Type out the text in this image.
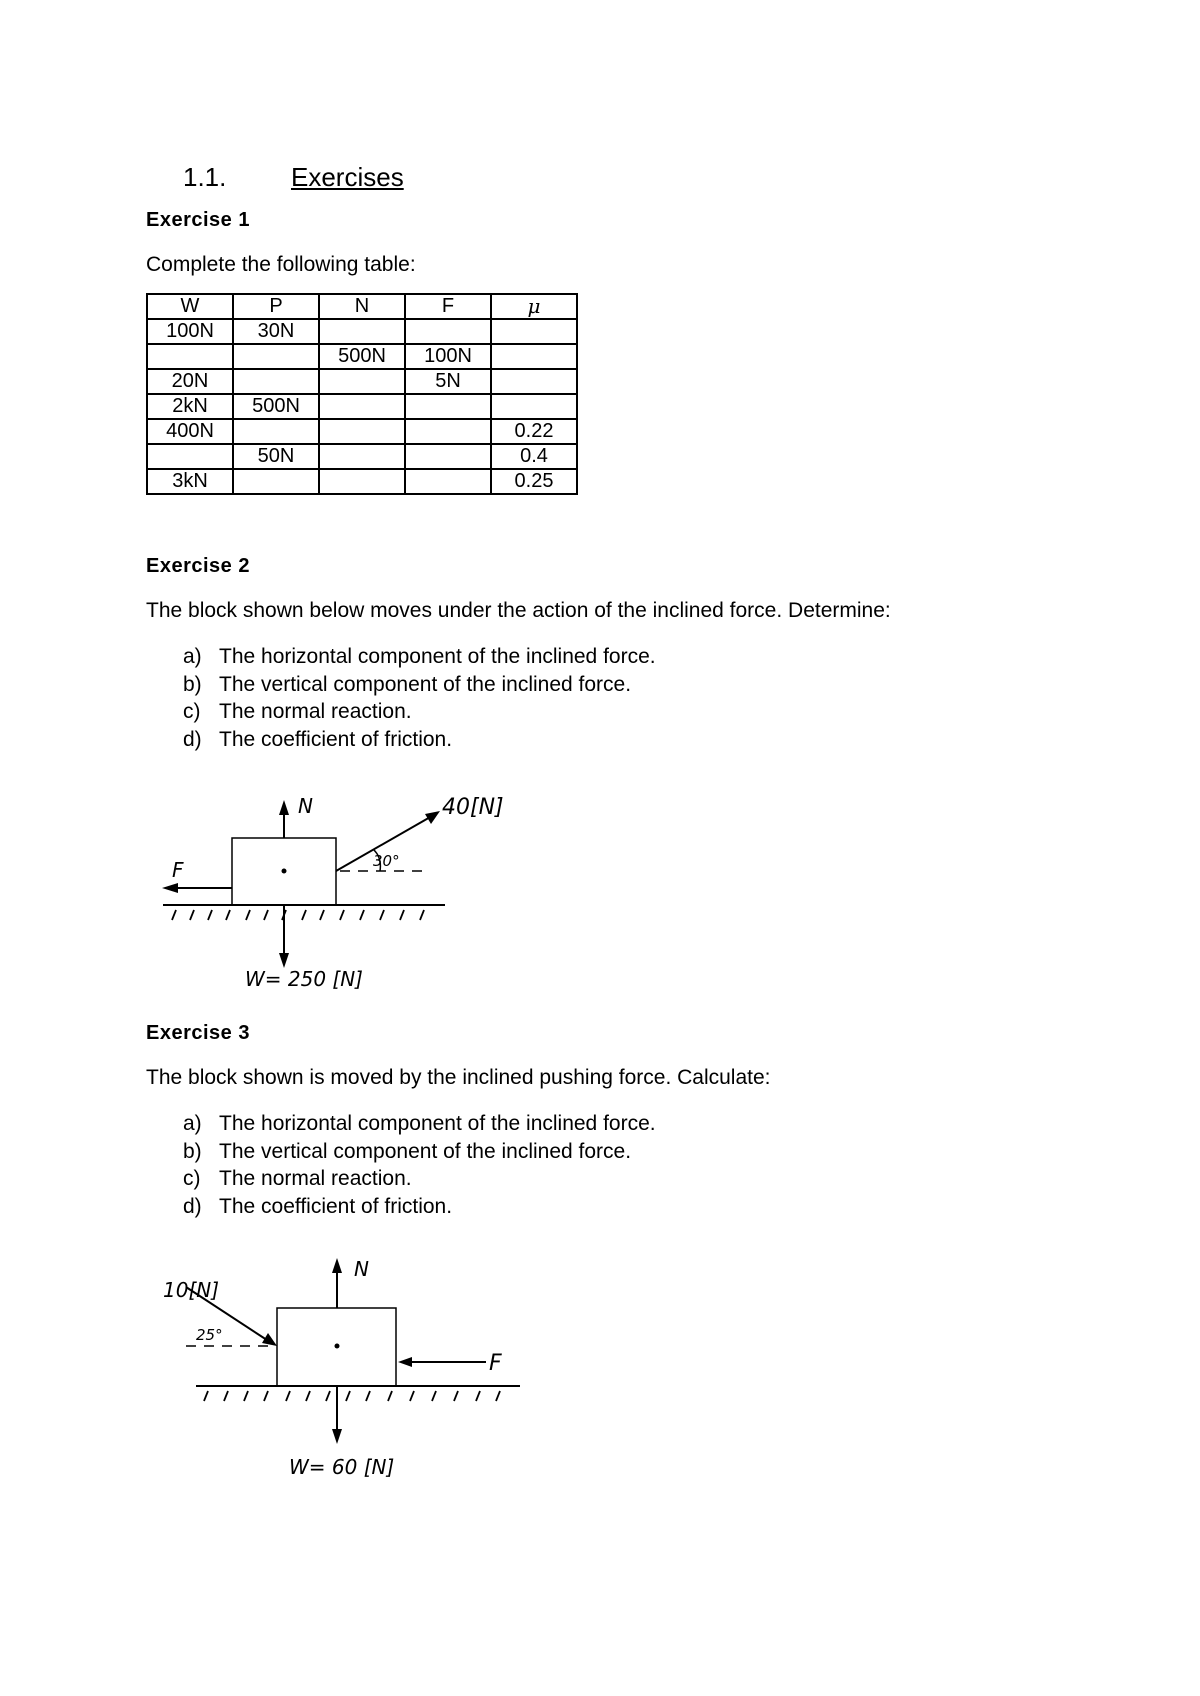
1.1. Exercises
Exercise 1
Complete the following table:
W	P	N	F	μ
100N	30N			
		500N	100N	
20N			5N	
2kN	500N			
400N				0.22
	50N			0.4
3kN				0.25
Exercise 2
The block shown below moves under the action of the inclined force. Determine:
a) The horizontal component of the inclined force.
b) The vertical component of the inclined force.
c) The normal reaction.
d) The coefficient of friction.
N	40[N]
30°
F
W= 250 [N]
Exercise 3
The block shown is moved by the inclined pushing force. Calculate:
a) The horizontal component of the inclined force.
b) The vertical component of the inclined force.
c) The normal reaction.
d) The coefficient of friction.
N
10[N]
25°
F
W= 60 [N]
